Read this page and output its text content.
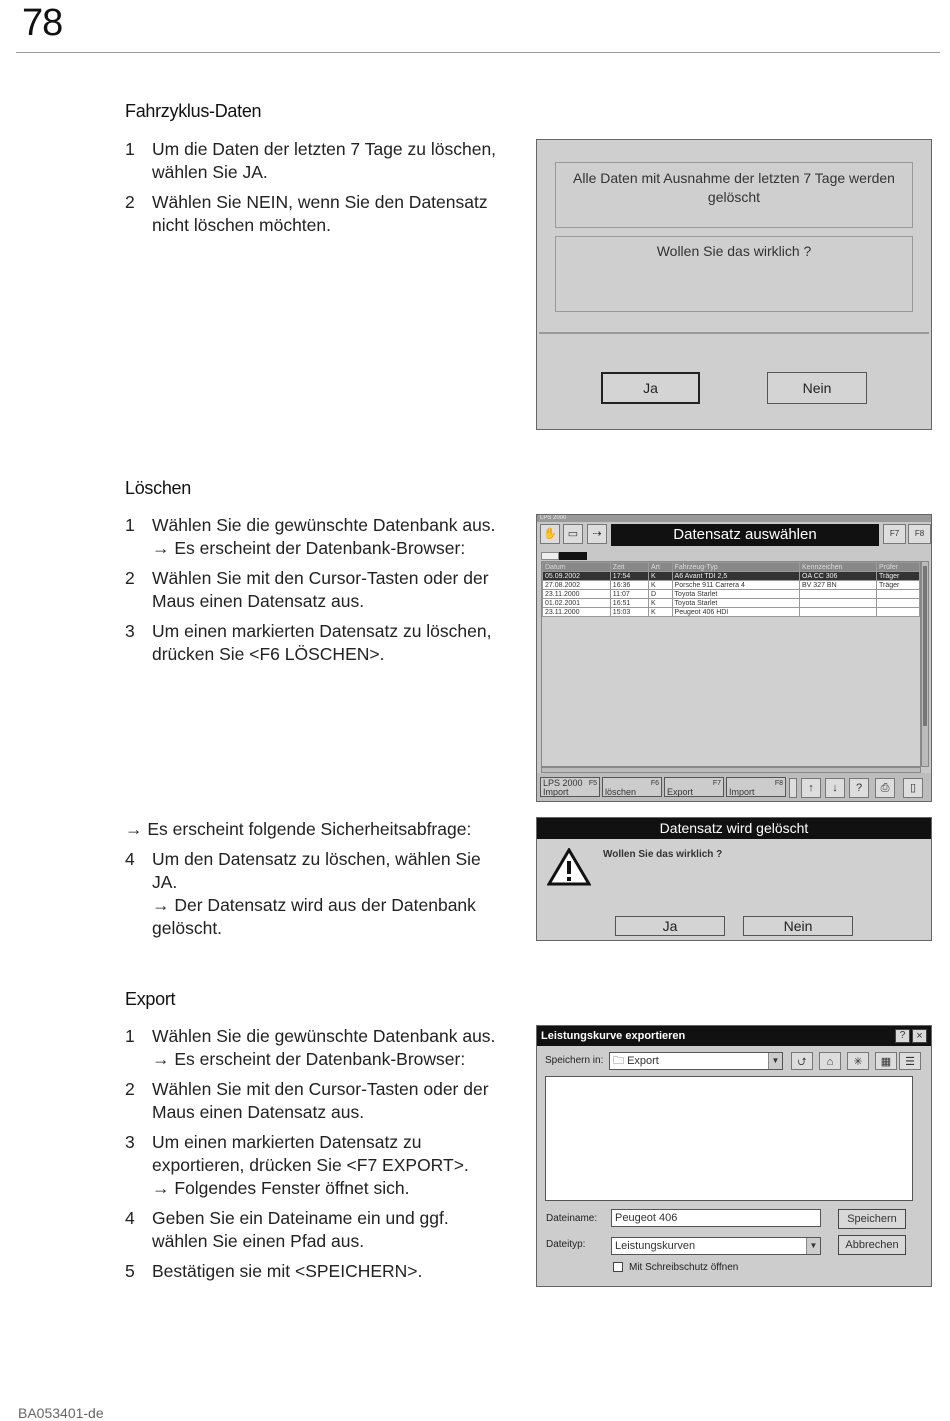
78
Fahrzyklus-Daten
1 Um die Daten der letzten 7 Tage zu löschen,
wählen Sie JA.
2 Wählen Sie NEIN, wenn Sie den Datensatz
nicht löschen möchten.
Alle Daten mit Ausnahme der letzten 7 Tage werden gelöscht
Wollen Sie das wirklich ?
Ja	Nein
Löschen
1 Wählen Sie die gewünschte Datenbank aus.
→ Es erscheint der Datenbank-Browser:
2 Wählen Sie mit den Cursor-Tasten oder der
Maus einen Datensatz aus.
3 Um einen markierten Datensatz zu löschen,
drücken Sie <F6 LÖSCHEN>.
LPS 2000
✋ ▭	⇢	Datensatz auswählen	F7	F8
Datum	Zeit	Art	Fahrzeug-Typ	Kennzeichen	Prüfer
05.09.2002	17:54	K	A6 Avant TDI 2,5	OA CC 306	Träger
27.08.2002	16:36	K	Porsche 911 Carrera 4	BV 327 BN	Träger
23.11.2000	11:07	D	Toyota Starlet		
01.02.2001	16:51	K	Toyota Starlet		
23.11.2000	15:03	K	Peugeot 406 HDI		
LPS 2000
Import
F5
löschen
F6
Export
F7
Import
F8	↑	↓	?	⎙	▯
→ Es erscheint folgende Sicherheitsabfrage:
4 Um den Datensatz zu löschen, wählen Sie
JA.
→ Der Datensatz wird aus der Datenbank
gelöscht.
Datensatz wird gelöscht
Wollen Sie das wirklich ?
Ja	Nein
Export
1 Wählen Sie die gewünschte Datenbank aus.
→ Es erscheint der Datenbank-Browser:
2 Wählen Sie mit den Cursor-Tasten oder der
Maus einen Datensatz aus.
3 Um einen markierten Datensatz zu
exportieren, drücken Sie <F7 EXPORT>.
→ Folgendes Fenster öffnet sich.
4 Geben Sie ein Dateiname ein und ggf.
wählen Sie einen Pfad aus.
5 Bestätigen sie mit <SPEICHERN>.
Leistungskurve exportieren	?	×
Speichern in: 🗀 Export	▼	⮍	⌂	✳	▦	☰
Dateiname:	Peugeot 406
Dateityp:	Leistungskurven	▼
Mit Schreibschutz öffnen
Speichern
Abbrechen
BA053401-de
